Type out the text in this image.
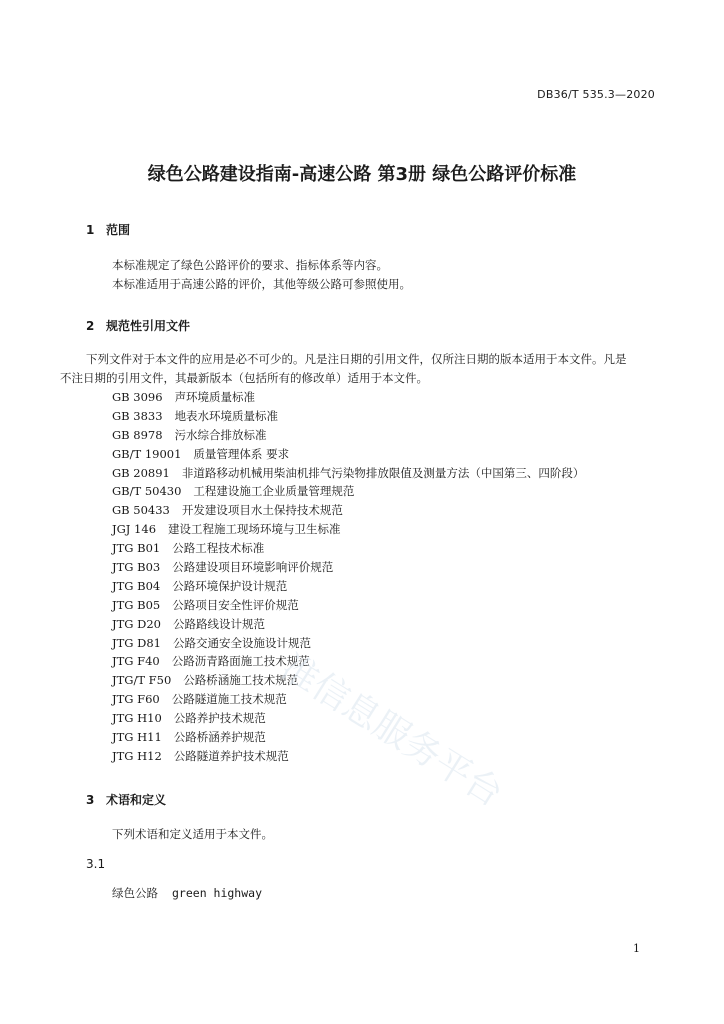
DB36/T 535.3—2020
绿色公路建设指南-高速公路 第3册 绿色公路评价标准
1 范围

本标准规定了绿色公路评价的要求、指标体系等内容。

本标准适用于高速公路的评价，其他等级公路可参照使用。

2 规范性引用文件

下列文件对于本文件的应用是必不可少的。凡是注日期的引用文件，仅所注日期的版本适用于本文件。凡是不注日期的引用文件，其最新版本（包括所有的修改单）适用于本文件。

GB 3096 声环境质量标准
GB 3833 地表水环境质量标准
GB 8978 污水综合排放标准
GB/T 19001 质量管理体系 要求
GB 20891 非道路移动机械用柴油机排气污染物排放限值及测量方法（中国第三、四阶段）
GB/T 50430 工程建设施工企业质量管理规范
GB 50433 开发建设项目水土保持技术规范
JGJ 146 建设工程施工现场环境与卫生标准
JTG B01 公路工程技术标准
JTG B03 公路建设项目环境影响评价规范
JTG B04 公路环境保护设计规范
JTG B05 公路项目安全性评价规范
JTG D20 公路路线设计规范
JTG D81 公路交通安全设施设计规范
JTG F40 公路沥青路面施工技术规范
JTG/T F50 公路桥涵施工技术规范
JTG F60 公路隧道施工技术规范
JTG H10 公路养护技术规范
JTG H11 公路桥涵养护规范
JTG H12 公路隧道养护技术规范
3 术语和定义

下列术语和定义适用于本文件。

3.1
绿色公路 green highway
准信息服务平台
1
